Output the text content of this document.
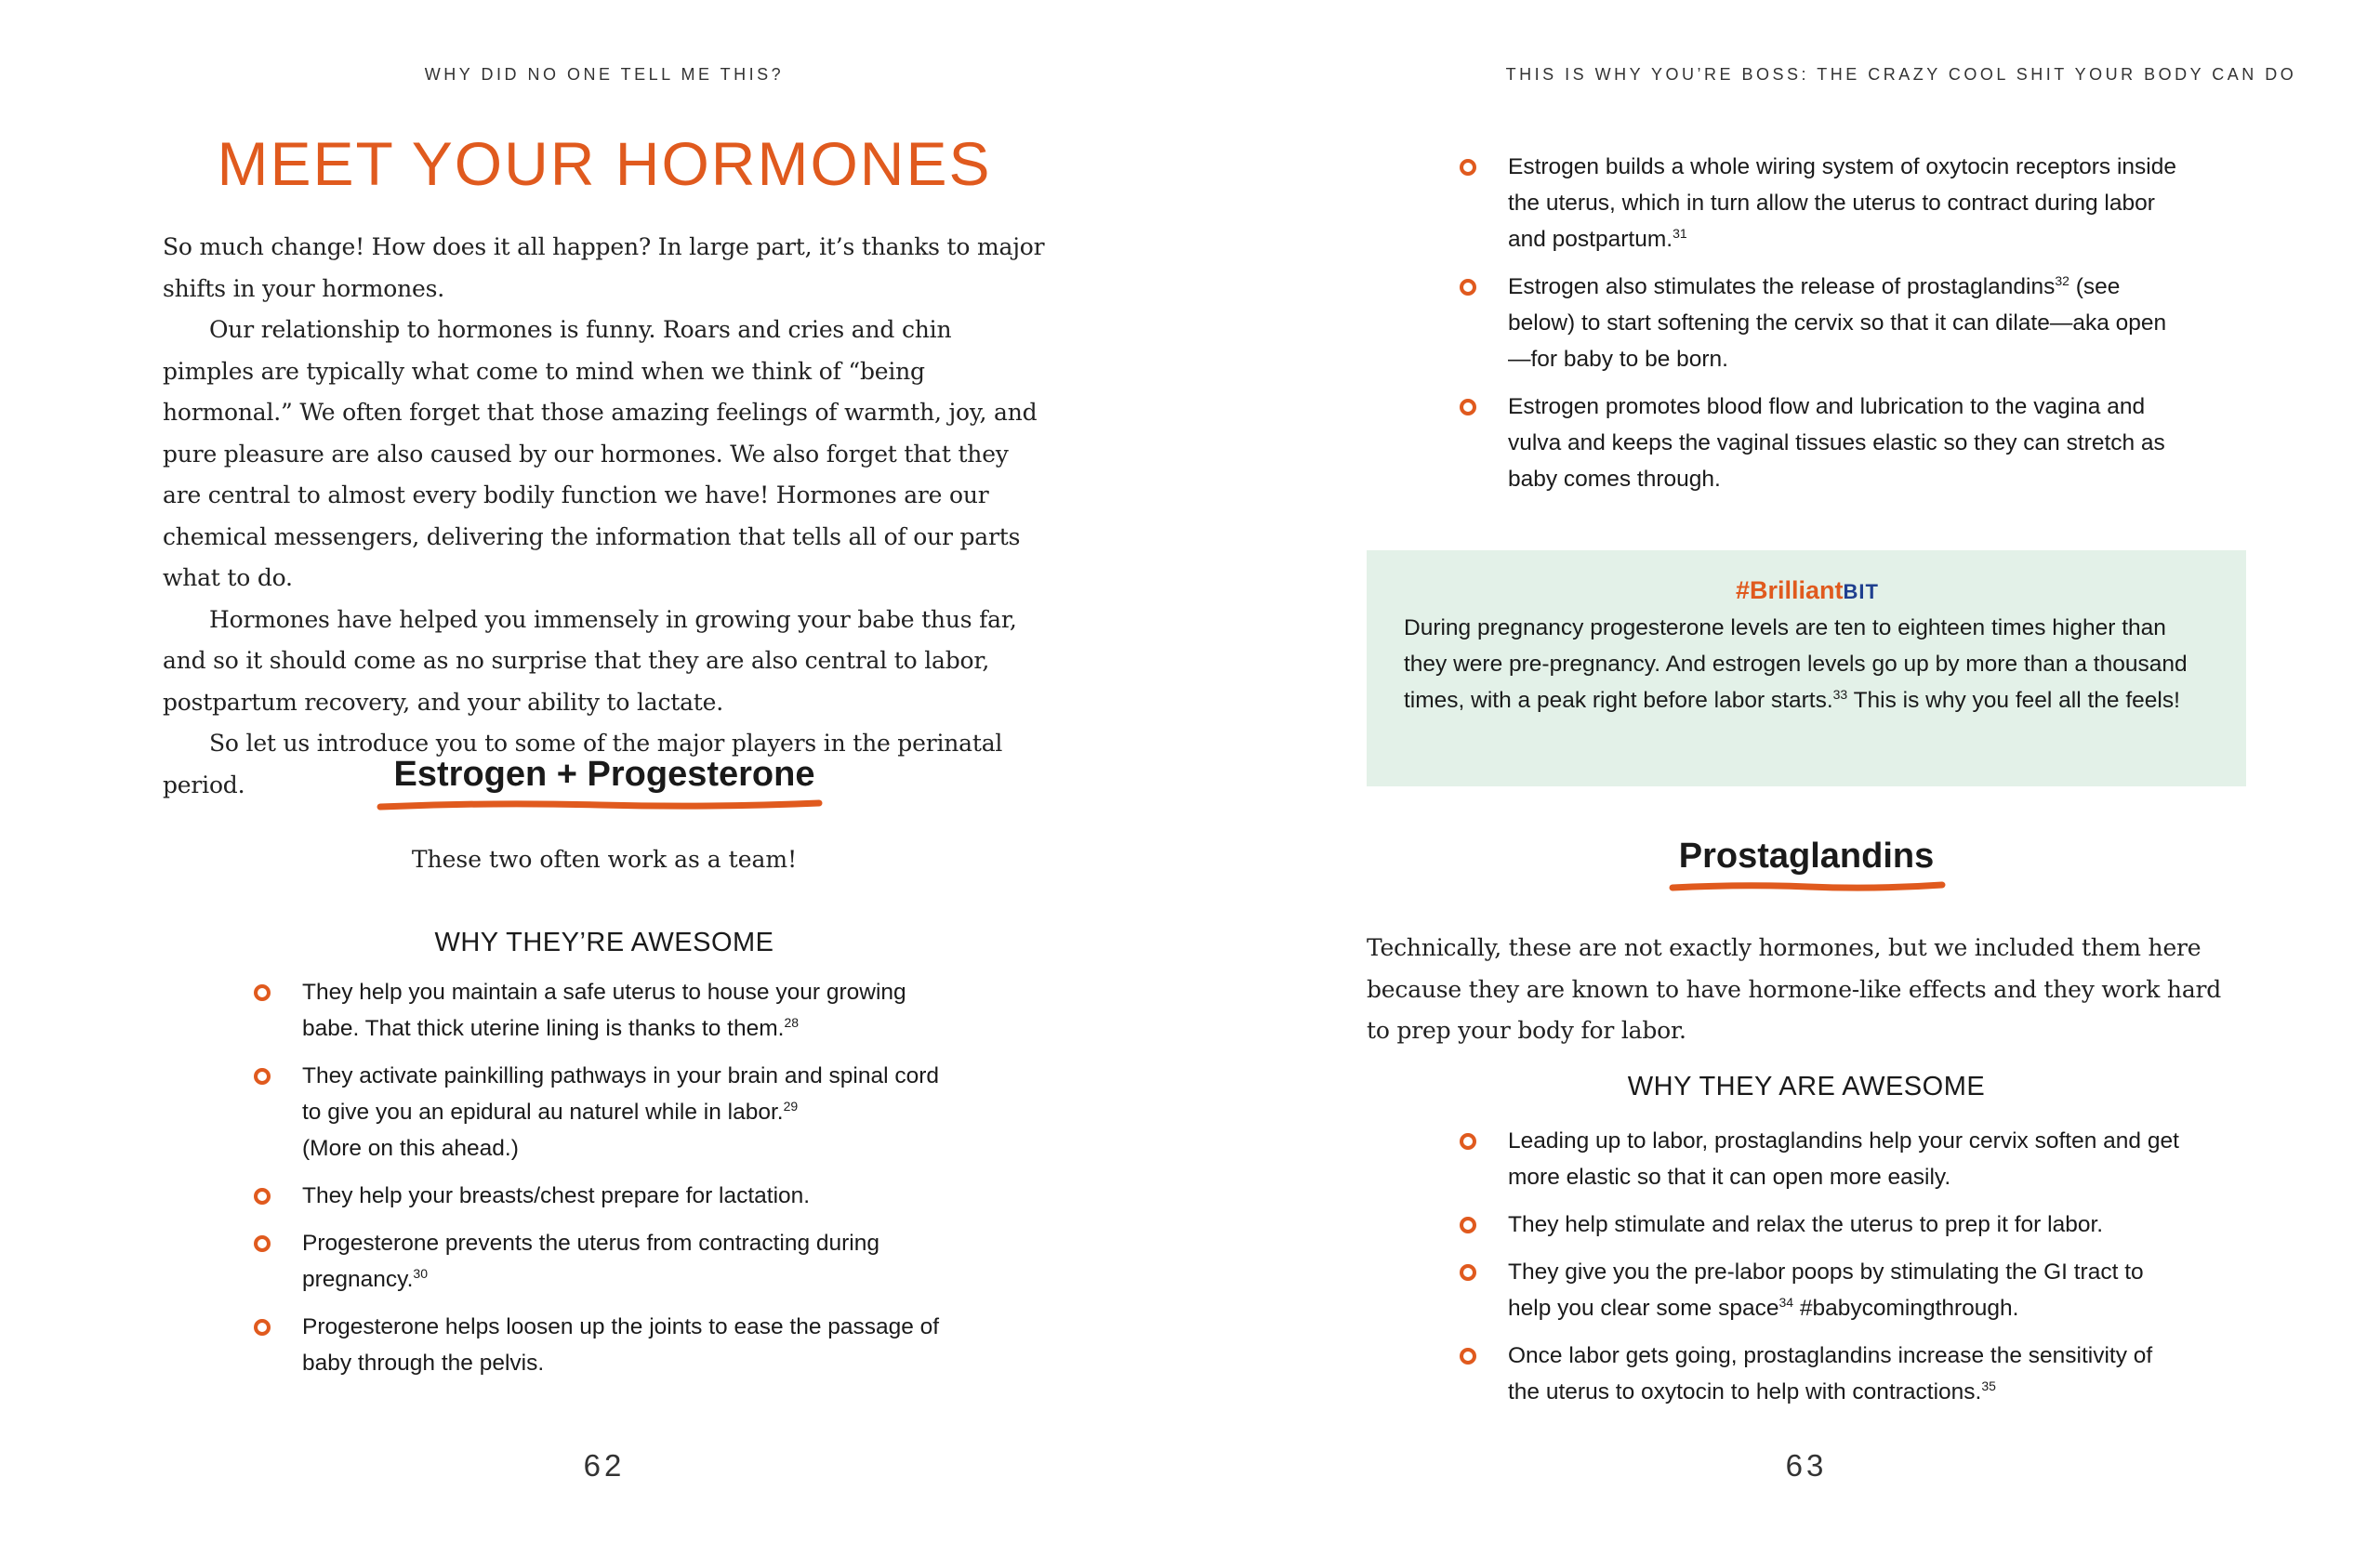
WHY DID NO ONE TELL ME THIS?
MEET YOUR HORMONES

So much change! How does it all happen? In large part, it’s thanks to major shifts in your hormones.

Our relationship to hormones is funny. Roars and cries and chin pimples are typically what come to mind when we think of “being hormonal.” We often forget that those amazing feelings of warmth, joy, and pure pleasure are also caused by our hormones. We also forget that they are central to almost every bodily function we have! Hormones are our chemical messengers, delivering the information that tells all of our parts what to do.

Hormones have helped you immensely in growing your babe thus far, and so it should come as no surprise that they are also central to labor, postpartum recovery, and your ability to lactate.

So let us introduce you to some of the major players in the perinatal period.	Estrogen + Progesterone
These two often work as a team!
WHY THEY’RE AWESOME
They help you maintain a safe uterus to house your growing babe. That thick uterine lining is thanks to them.$^{28}$
They activate painkilling pathways in your brain and spinal cord to give you an epidural au naturel while in labor.$^{29}$
(More on this ahead.)
They help your breasts/chest prepare for lactation.
Progesterone prevents the uterus from contracting during pregnancy.$^{30}$
Progesterone helps loosen up the joints to ease the passage of baby through the pelvis.
62
THIS IS WHY YOU’RE BOSS: THE CRAZY COOL SHIT YOUR BODY CAN DO
Estrogen builds a whole wiring system of oxytocin receptors inside the uterus, which in turn allow the uterus to contract during labor and postpartum.$^{31}$
Estrogen also stimulates the release of prostaglandins$^{32}$ (see below) to start softening the cervix so that it can dilate—aka open—for baby to be born.
Estrogen promotes blood flow and lubrication to the vagina and vulva and keeps the vaginal tissues elastic so they can stretch as baby comes through.
#BrilliantBIT

During pregnancy progesterone levels are ten to eighteen times higher than they were pre-pregnancy. And estrogen levels go up by more than a thousand times, with a peak right before labor starts.$^{33}$ This is why you feel all the feels!

Prostaglandins

Technically, these are not exactly hormones, but we included them here because they are known to have hormone-like effects and they work hard to prep your body for labor.

WHY THEY ARE AWESOME
Leading up to labor, prostaglandins help your cervix soften and get more elastic so that it can open more easily.
They help stimulate and relax the uterus to prep it for labor.
They give you the pre-labor poops by stimulating the GI tract to help you clear some space$^{34}$ #babycomingthrough.
Once labor gets going, prostaglandins increase the sensitivity of the uterus to oxytocin to help with contractions.$^{35}$
63
